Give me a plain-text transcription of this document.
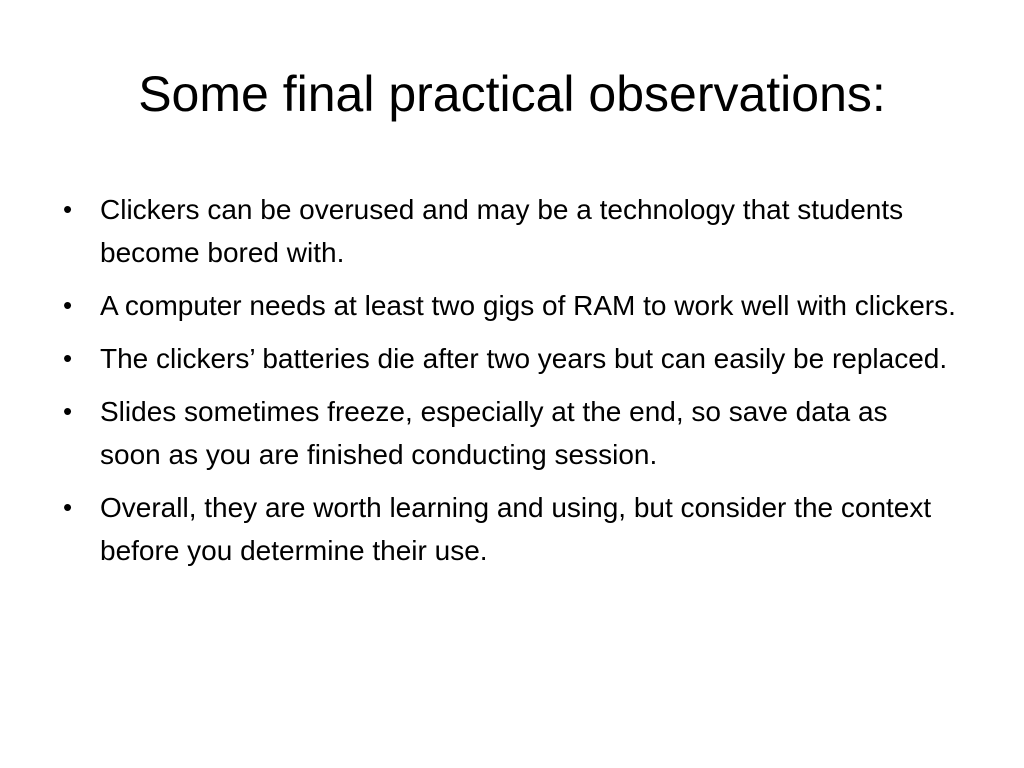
Some final practical observations:
• Clickers can be overused and may be a technology that students become bored with.
• A computer needs at least two gigs of RAM to work well with clickers.
• The clickers’ batteries die after two years but can easily be replaced.
• Slides sometimes freeze, especially at the end, so save data as soon as you are finished conducting session.
• Overall, they are worth learning and using, but consider the context before you determine their use.
